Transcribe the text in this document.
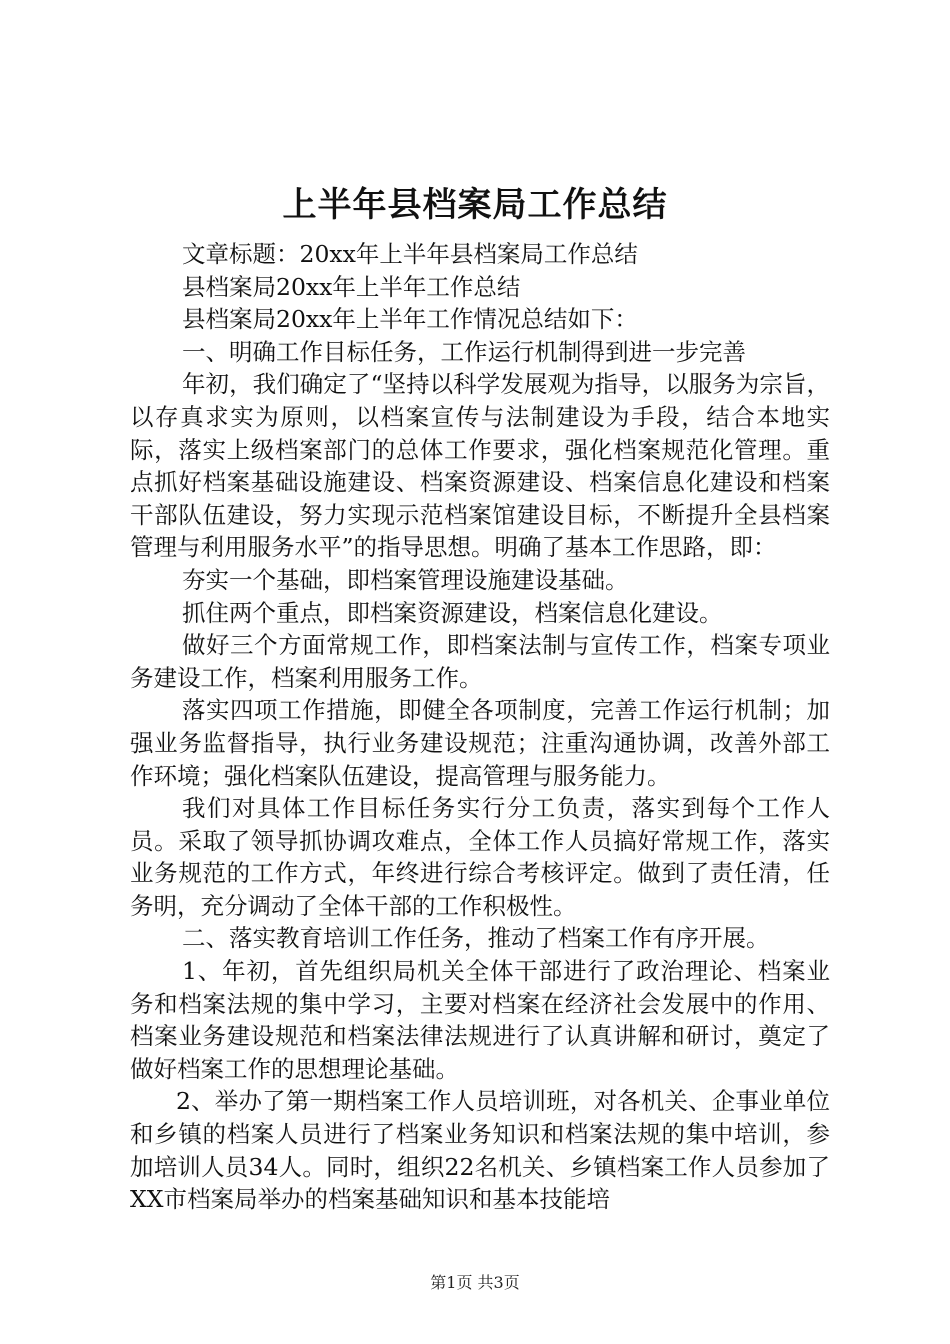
上半年县档案局工作总结

文章标题：20xx年上半年县档案局工作总结

县档案局20xx年上半年工作总结

县档案局20xx年上半年工作情况总结如下：

一、明确工作目标任务，工作运行机制得到进一步完善

年初，我们确定了“坚持以科学发展观为指导，以服务为宗旨，以存真求实为原则，以档案宣传与法制建设为手段，结合本地实际，落实上级档案部门的总体工作要求，强化档案规范化管理。重点抓好档案基础设施建设、档案资源建设、档案信息化建设和档案干部队伍建设，努力实现示范档案馆建设目标，不断提升全县档案管理与利用服务水平”的指导思想。明确了基本工作思路，即：

夯实一个基础，即档案管理设施建设基础。

抓住两个重点，即档案资源建设，档案信息化建设。

做好三个方面常规工作，即档案法制与宣传工作，档案专项业务建设工作，档案利用服务工作。

落实四项工作措施，即健全各项制度，完善工作运行机制；加强业务监督指导，执行业务建设规范；注重沟通协调，改善外部工作环境；强化档案队伍建设，提高管理与服务能力。

我们对具体工作目标任务实行分工负责，落实到每个工作人员。采取了领导抓协调攻难点，全体工作人员搞好常规工作，落实业务规范的工作方式，年终进行综合考核评定。做到了责任清，任务明，充分调动了全体干部的工作积极性。

二、落实教育培训工作任务，推动了档案工作有序开展。

1、年初，首先组织局机关全体干部进行了政治理论、档案业务和档案法规的集中学习，主要对档案在经济社会发展中的作用、档案业务建设规范和档案法律法规进行了认真讲解和研讨，奠定了做好档案工作的思想理论基础。

2、举办了第一期档案工作人员培训班，对各机关、企事业单位和乡镇的档案人员进行了档案业务知识和档案法规的集中培训，参加培训人员34人。同时，组织22名机关、乡镇档案工作人员参加了XX市档案局举办的档案基础知识和基本技能培

第1页 共3页
